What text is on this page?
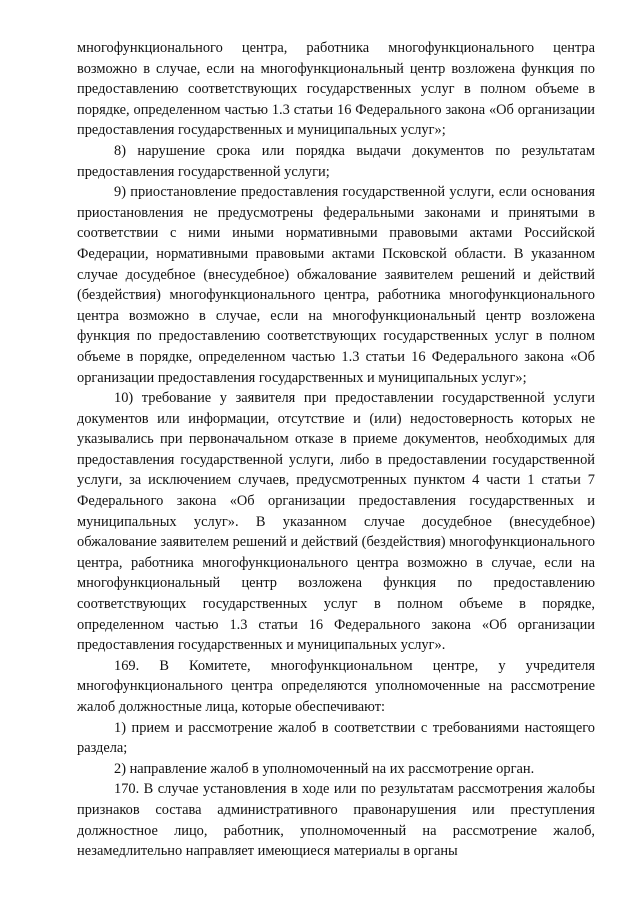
многофункционального центра, работника многофункционального центра возможно в случае, если на многофункциональный центр возложена функция по предоставлению соответствующих государственных услуг в полном объеме в порядке, определенном частью 1.3 статьи 16 Федерального закона «Об организации предоставления государственных и муниципальных услуг»;

8) нарушение срока или порядка выдачи документов по результатам предоставления государственной услуги;

9) приостановление предоставления государственной услуги, если основания приостановления не предусмотрены федеральными законами и принятыми в соответствии с ними иными нормативными правовыми актами Российской Федерации, нормативными правовыми актами Псковской области. В указанном случае досудебное (внесудебное) обжалование заявителем решений и действий (бездействия) многофункционального центра, работника многофункционального центра возможно в случае, если на многофункциональный центр возложена функция по предоставлению соответствующих государственных услуг в полном объеме в порядке, определенном частью 1.3 статьи 16 Федерального закона «Об организации предоставления государственных и муниципальных услуг»;

10) требование у заявителя при предоставлении государственной услуги документов или информации, отсутствие и (или) недостоверность которых не указывались при первоначальном отказе в приеме документов, необходимых для предоставления государственной услуги, либо в предоставлении государственной услуги, за исключением случаев, предусмотренных пунктом 4 части 1 статьи 7 Федерального закона «Об организации предоставления государственных и муниципальных услуг». В указанном случае досудебное (внесудебное) обжалование заявителем решений и действий (бездействия) многофункционального центра, работника многофункционального центра возможно в случае, если на многофункциональный центр возложена функция по предоставлению соответствующих государственных услуг в полном объеме в порядке, определенном частью 1.3 статьи 16 Федерального закона «Об организации предоставления государственных и муниципальных услуг».

169. В Комитете, многофункциональном центре, у учредителя многофункционального центра определяются уполномоченные на рассмотрение жалоб должностные лица, которые обеспечивают:

1) прием и рассмотрение жалоб в соответствии с требованиями настоящего раздела;

2) направление жалоб в уполномоченный на их рассмотрение орган.

170. В случае установления в ходе или по результатам рассмотрения жалобы признаков состава административного правонарушения или преступления должностное лицо, работник, уполномоченный на рассмотрение жалоб, незамедлительно направляет имеющиеся материалы в органы
